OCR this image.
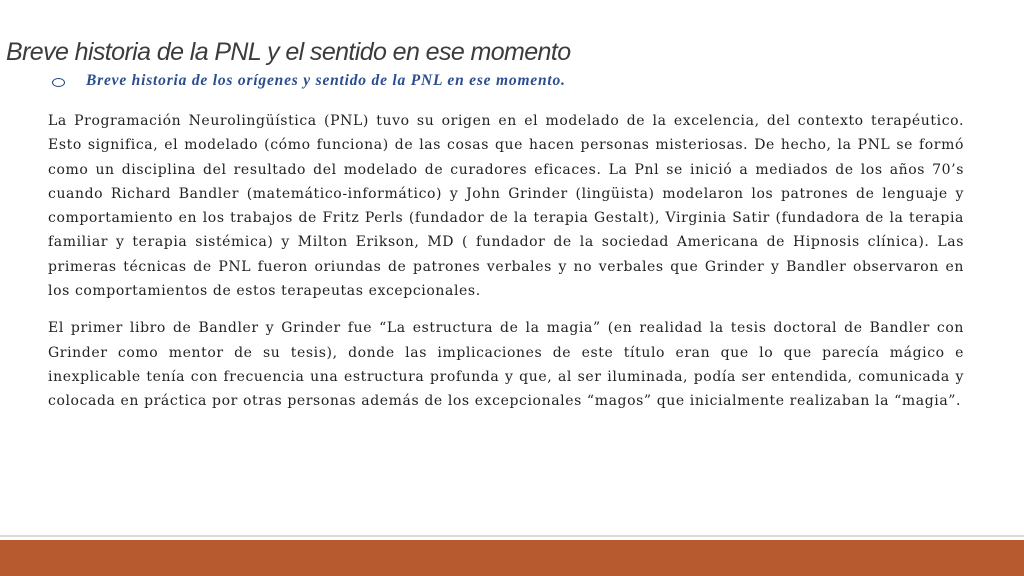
Breve historia de la PNL y el sentido en ese momento
Breve historia de los orígenes y sentido de la PNL en ese momento.

La Programación Neurolingüística (PNL) tuvo su origen en el modelado de la excelencia, del contexto terapéutico. Esto significa, el modelado (cómo funciona) de las cosas que hacen personas misteriosas. De hecho, la PNL se formó como un disciplina del resultado del modelado de curadores eficaces. La Pnl se inició a mediados de los años 70’s cuando Richard Bandler (matemático-informático) y John Grinder (lingüista) modelaron los patrones de lenguaje y comportamiento en los trabajos de Fritz Perls (fundador de la terapia Gestalt), Virginia Satir (fundadora de la terapia familiar y terapia sistémica) y Milton Erikson, MD ( fundador de la sociedad Americana de Hipnosis clínica). Las primeras técnicas de PNL fueron oriundas de patrones verbales y no verbales que Grinder y Bandler observaron en los comportamientos de estos terapeutas excepcionales.

El primer libro de Bandler y Grinder fue “La estructura de la magia” (en realidad la tesis doctoral de Bandler con Grinder como mentor de su tesis), donde las implicaciones de este título eran que lo que parecía mágico e inexplicable tenía con frecuencia una estructura profunda y que, al ser iluminada, podía ser entendida, comunicada y colocada en práctica por otras personas además de los excepcionales “magos” que inicialmente realizaban la “magia”.
